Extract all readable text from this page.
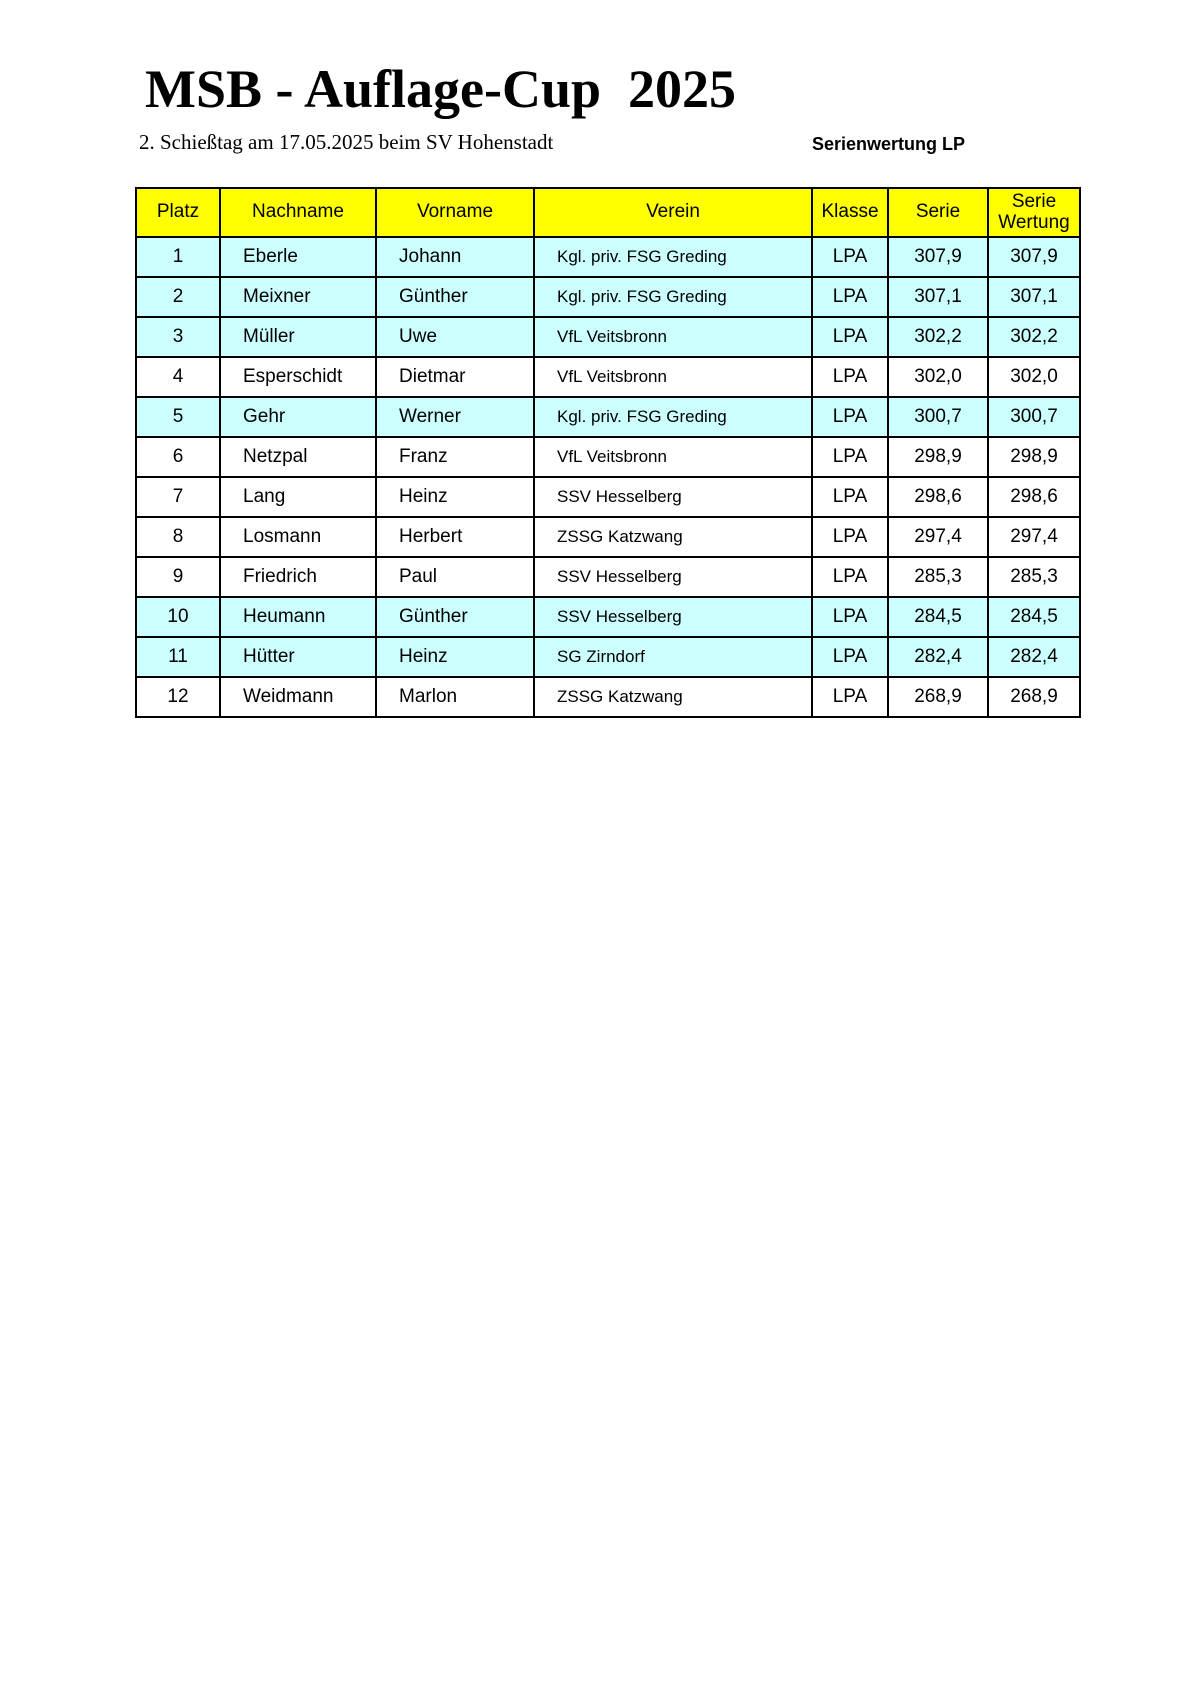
MSB - Auflage-Cup  2025
2. Schießtag am 17.05.2025 beim SV Hohenstadt	Serienwertung LP
Platz	Nachname	Vorname	Verein	Klasse	Serie	Serie Wertung
1	Eberle	Johann	Kgl. priv. FSG Greding	LPA	307,9	307,9
2	Meixner	Günther	Kgl. priv. FSG Greding	LPA	307,1	307,1
3	Müller	Uwe	VfL Veitsbronn	LPA	302,2	302,2
4	Esperschidt	Dietmar	VfL Veitsbronn	LPA	302,0	302,0
5	Gehr	Werner	Kgl. priv. FSG Greding	LPA	300,7	300,7
6	Netzpal	Franz	VfL Veitsbronn	LPA	298,9	298,9
7	Lang	Heinz	SSV Hesselberg	LPA	298,6	298,6
8	Losmann	Herbert	ZSSG Katzwang	LPA	297,4	297,4
9	Friedrich	Paul	SSV Hesselberg	LPA	285,3	285,3
10	Heumann	Günther	SSV Hesselberg	LPA	284,5	284,5
11	Hütter	Heinz	SG Zirndorf	LPA	282,4	282,4
12	Weidmann	Marlon	ZSSG Katzwang	LPA	268,9	268,9
